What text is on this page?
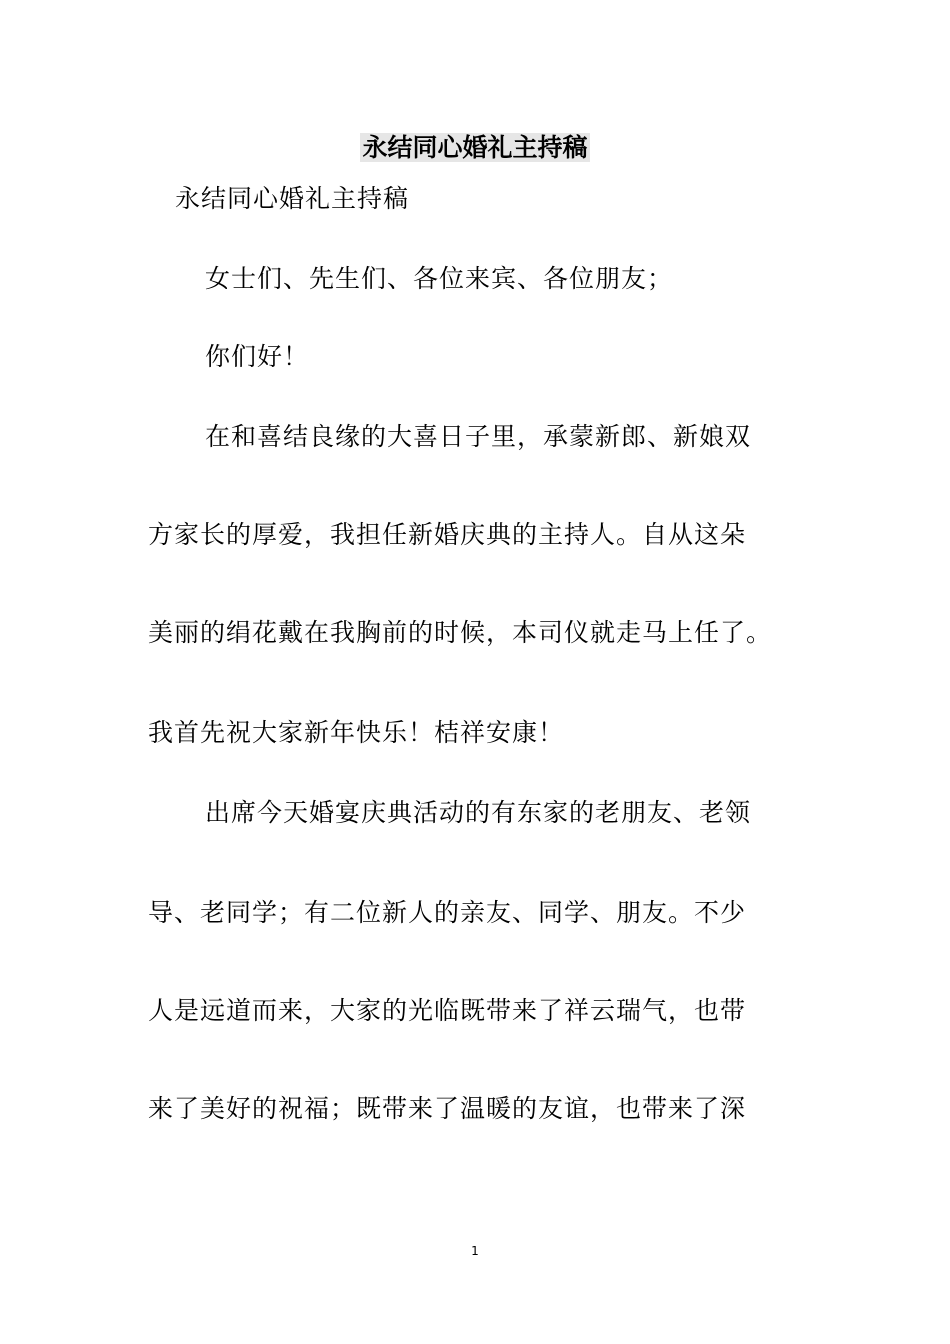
永结同心婚礼主持稿
永结同心婚礼主持稿
女士们、先生们、各位来宾、各位朋友；
你们好！
在和喜结良缘的大喜日子里，承蒙新郎、新娘双
方家长的厚爱，我担任新婚庆典的主持人。自从这朵
美丽的绢花戴在我胸前的时候，本司仪就走马上任了。
我首先祝大家新年快乐！桔祥安康！
出席今天婚宴庆典活动的有东家的老朋友、老领
导、老同学；有二位新人的亲友、同学、朋友。不少
人是远道而来，大家的光临既带来了祥云瑞气，也带
来了美好的祝福；既带来了温暖的友谊，也带来了深
1
